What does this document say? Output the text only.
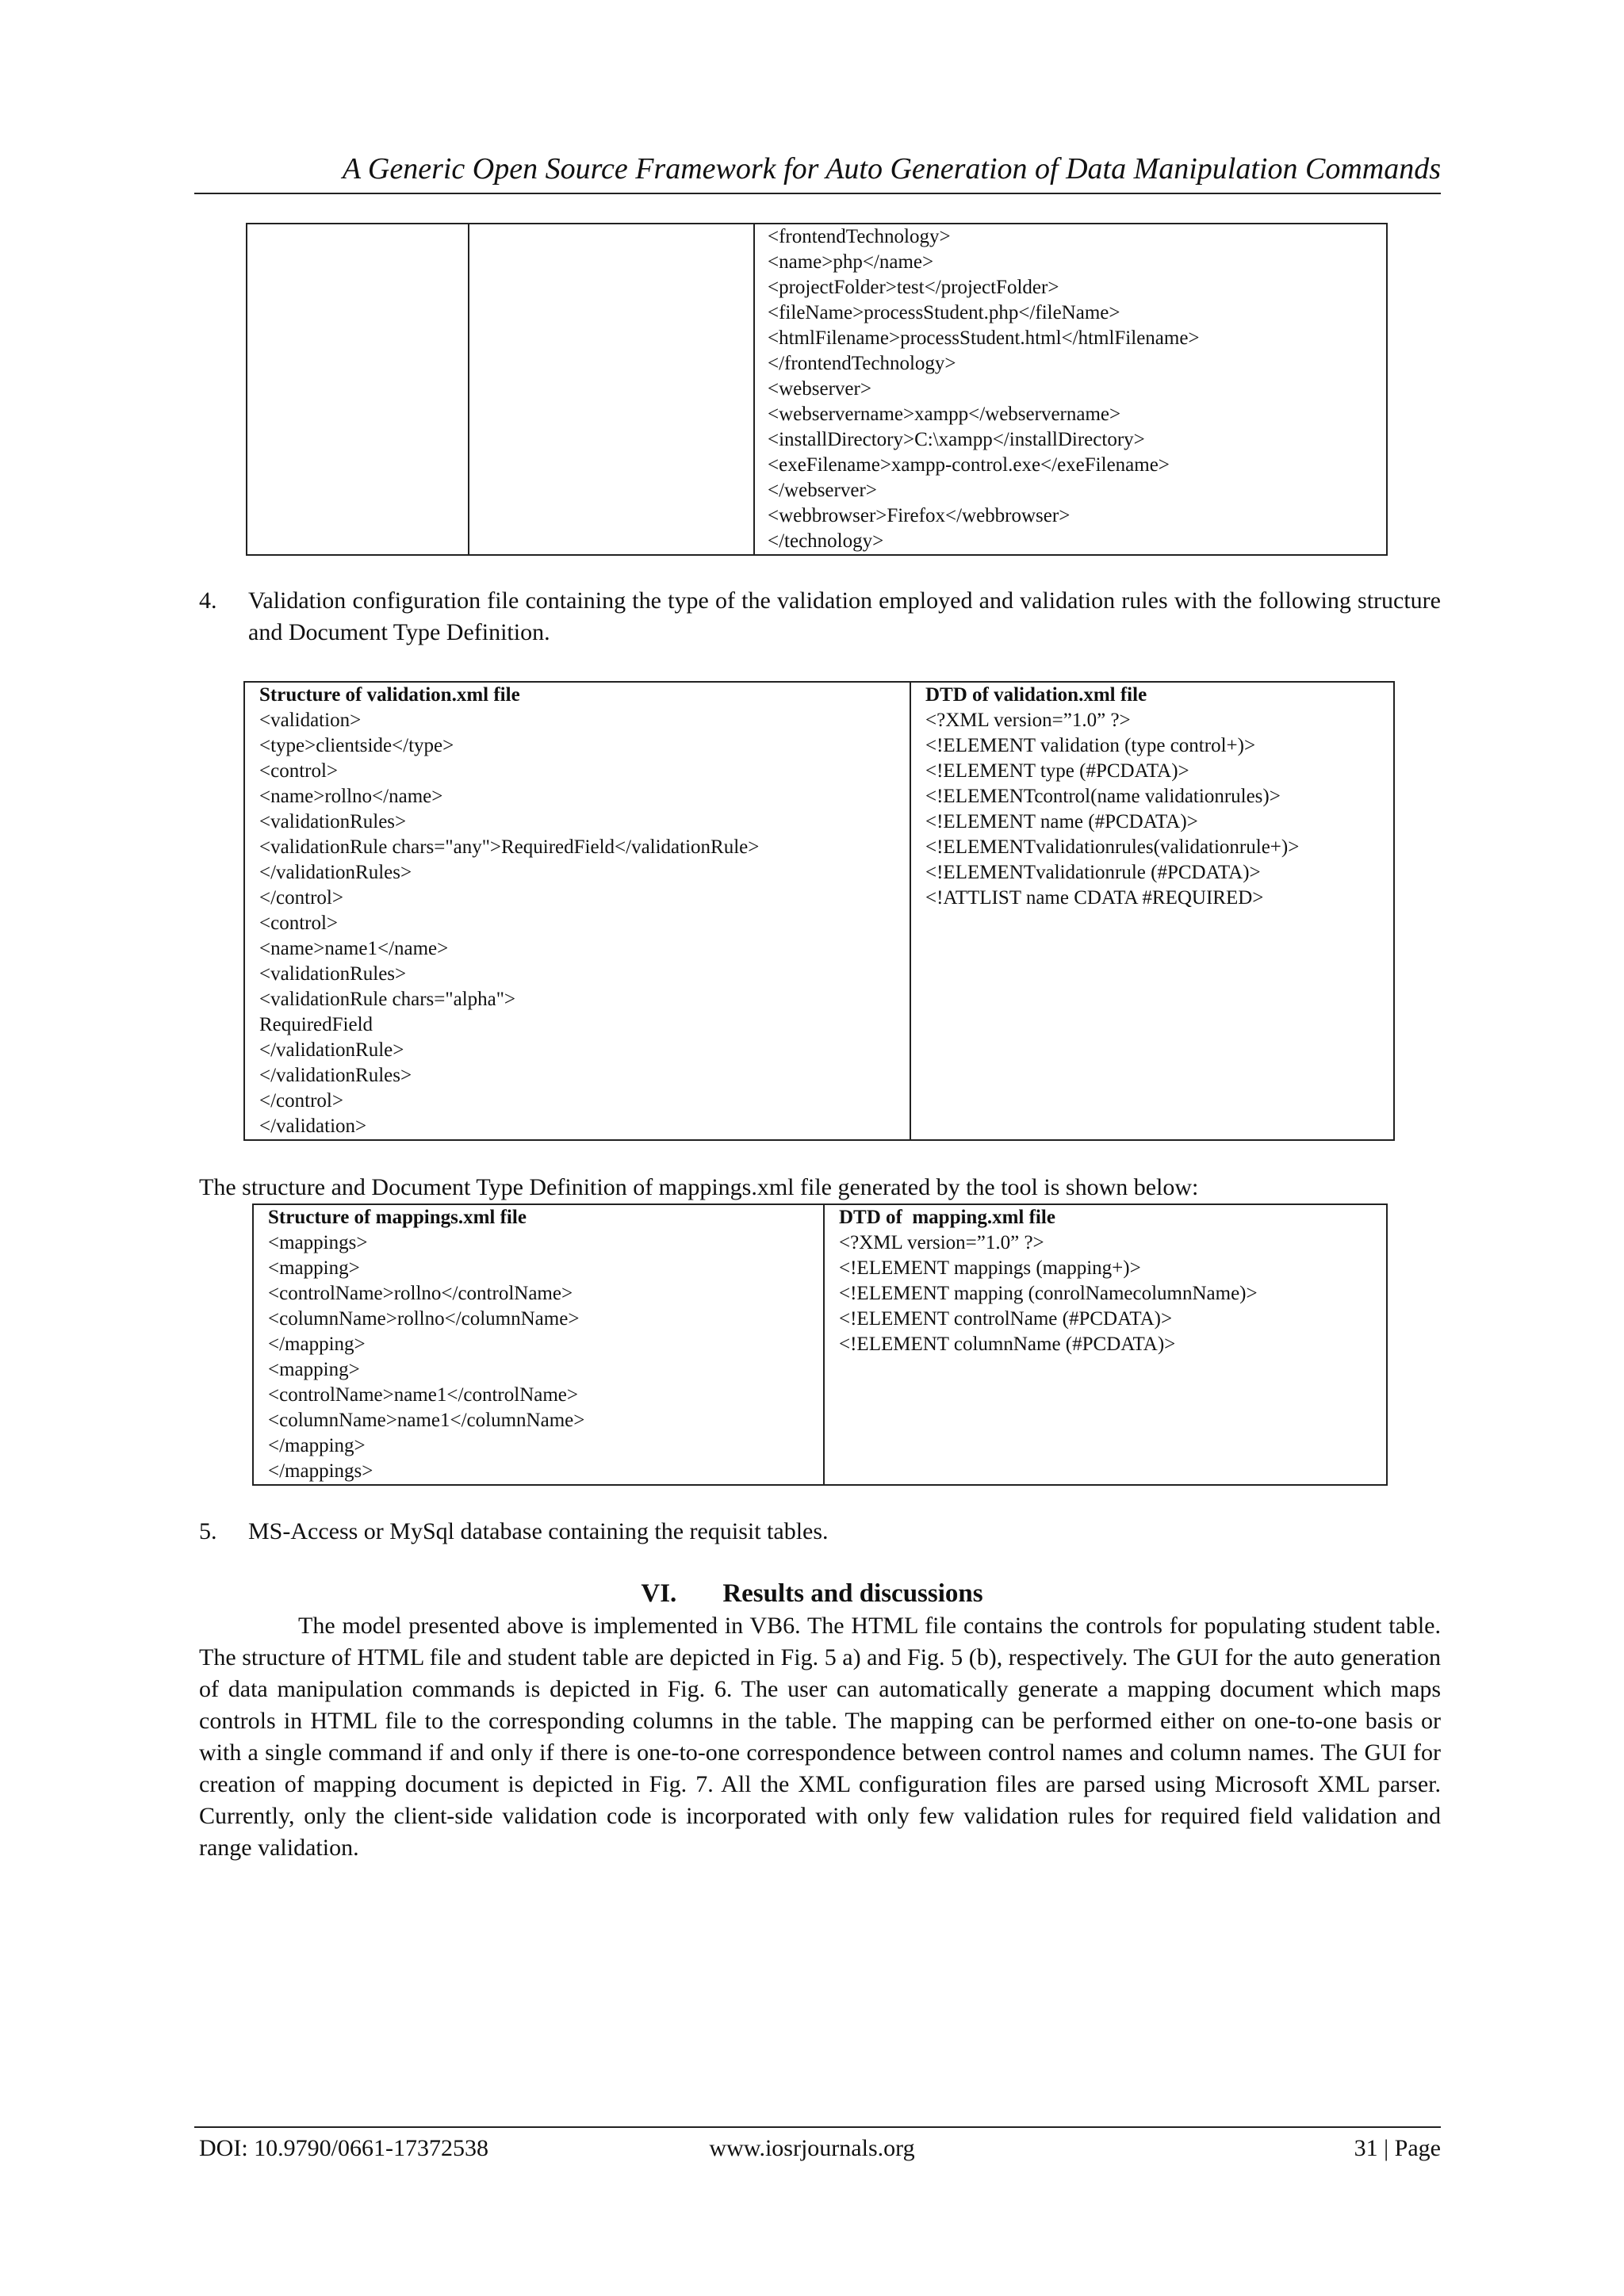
A Generic Open Source Framework for Auto Generation of Data Manipulation Commands

<frontendTechnology>
<name>php</name>
<projectFolder>test</projectFolder>
<fileName>processStudent.php</fileName>
<htmlFilename>processStudent.html</htmlFilename>
</frontendTechnology>
<webserver>
<webservername>xampp</webservername>
<installDirectory>C:\xampp</installDirectory>
<exeFilename>xampp-control.exe</exeFilename>
</webserver>
<webbrowser>Firefox</webbrowser>
</technology>
4. Validation configuration file containing the type of the validation employed and validation rules with the following structure and Document Type Definition.
Structure of validation.xml file
<validation>
<type>clientside</type>
<control>
<name>rollno</name>
<validationRules>
<validationRule chars="any">RequiredField</validationRule>
</validationRules>
</control>
<control>
<name>name1</name>
<validationRules>
<validationRule chars="alpha">
RequiredField
</validationRule>
</validationRules>
</control>
</validation>

DTD of validation.xml file
<?XML version=”1.0” ?>
<!ELEMENT validation (type control+)>
<!ELEMENT type (#PCDATA)>
<!ELEMENTcontrol(name validationrules)>
<!ELEMENT name (#PCDATA)>
<!ELEMENTvalidationrules(validationrule+)>
<!ELEMENTvalidationrule (#PCDATA)>
<!ATTLIST name CDATA #REQUIRED>
The structure and Document Type Definition of mappings.xml file generated by the tool is shown below:
Structure of mappings.xml file
<mappings>
<mapping>
<controlName>rollno</controlName>
<columnName>rollno</columnName>
</mapping>
<mapping>
<controlName>name1</controlName>
<columnName>name1</columnName>
</mapping>
</mappings>

DTD of  mapping.xml file
<?XML version=”1.0” ?>
<!ELEMENT mappings (mapping+)>
<!ELEMENT mapping (conrolNamecolumnName)>
<!ELEMENT controlName (#PCDATA)>
<!ELEMENT columnName (#PCDATA)>
5. MS-Access or MySql database containing the requisit tables.
VI. Results and discussions
The model presented above is implemented in VB6. The HTML file contains the controls for populating student table. The structure of HTML file and student table are depicted in Fig. 5 a) and Fig. 5 (b), respectively. The GUI for the auto generation of data manipulation commands is depicted in Fig. 6. The user can automatically generate a mapping document which maps controls in HTML file to the corresponding columns in the table. The mapping can be performed either on one-to-one basis or with a single command if and only if there is one-to-one correspondence between control names and column names. The GUI for creation of mapping document is depicted in Fig. 7. All the XML configuration files are parsed using Microsoft XML parser. Currently, only the client-side validation code is incorporated with only few validation rules for required field validation and range validation.
DOI: 10.9790/0661-17372538	www.iosrjournals.org	31 | Page
